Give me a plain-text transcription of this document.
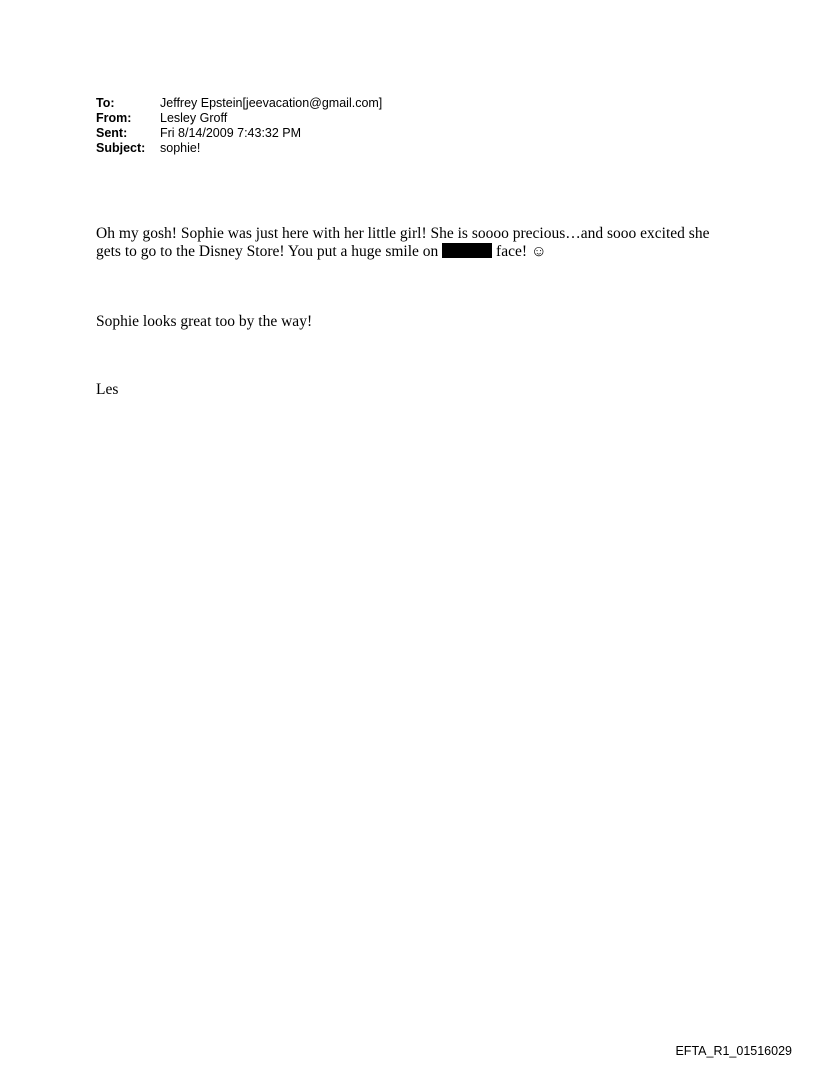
To:	Jeffrey Epstein[jeevacation@gmail.com]
From:	Lesley Groff
Sent:	Fri 8/14/2009 7:43:32 PM
Subject:	sophie!
Oh my gosh! Sophie was just here with her little girl! She is soooo precious…and sooo excited she gets to go to the Disney Store! You put a huge smile on	face! ☺
Sophie looks great too by the way!
Les
EFTA_R1_01516029
